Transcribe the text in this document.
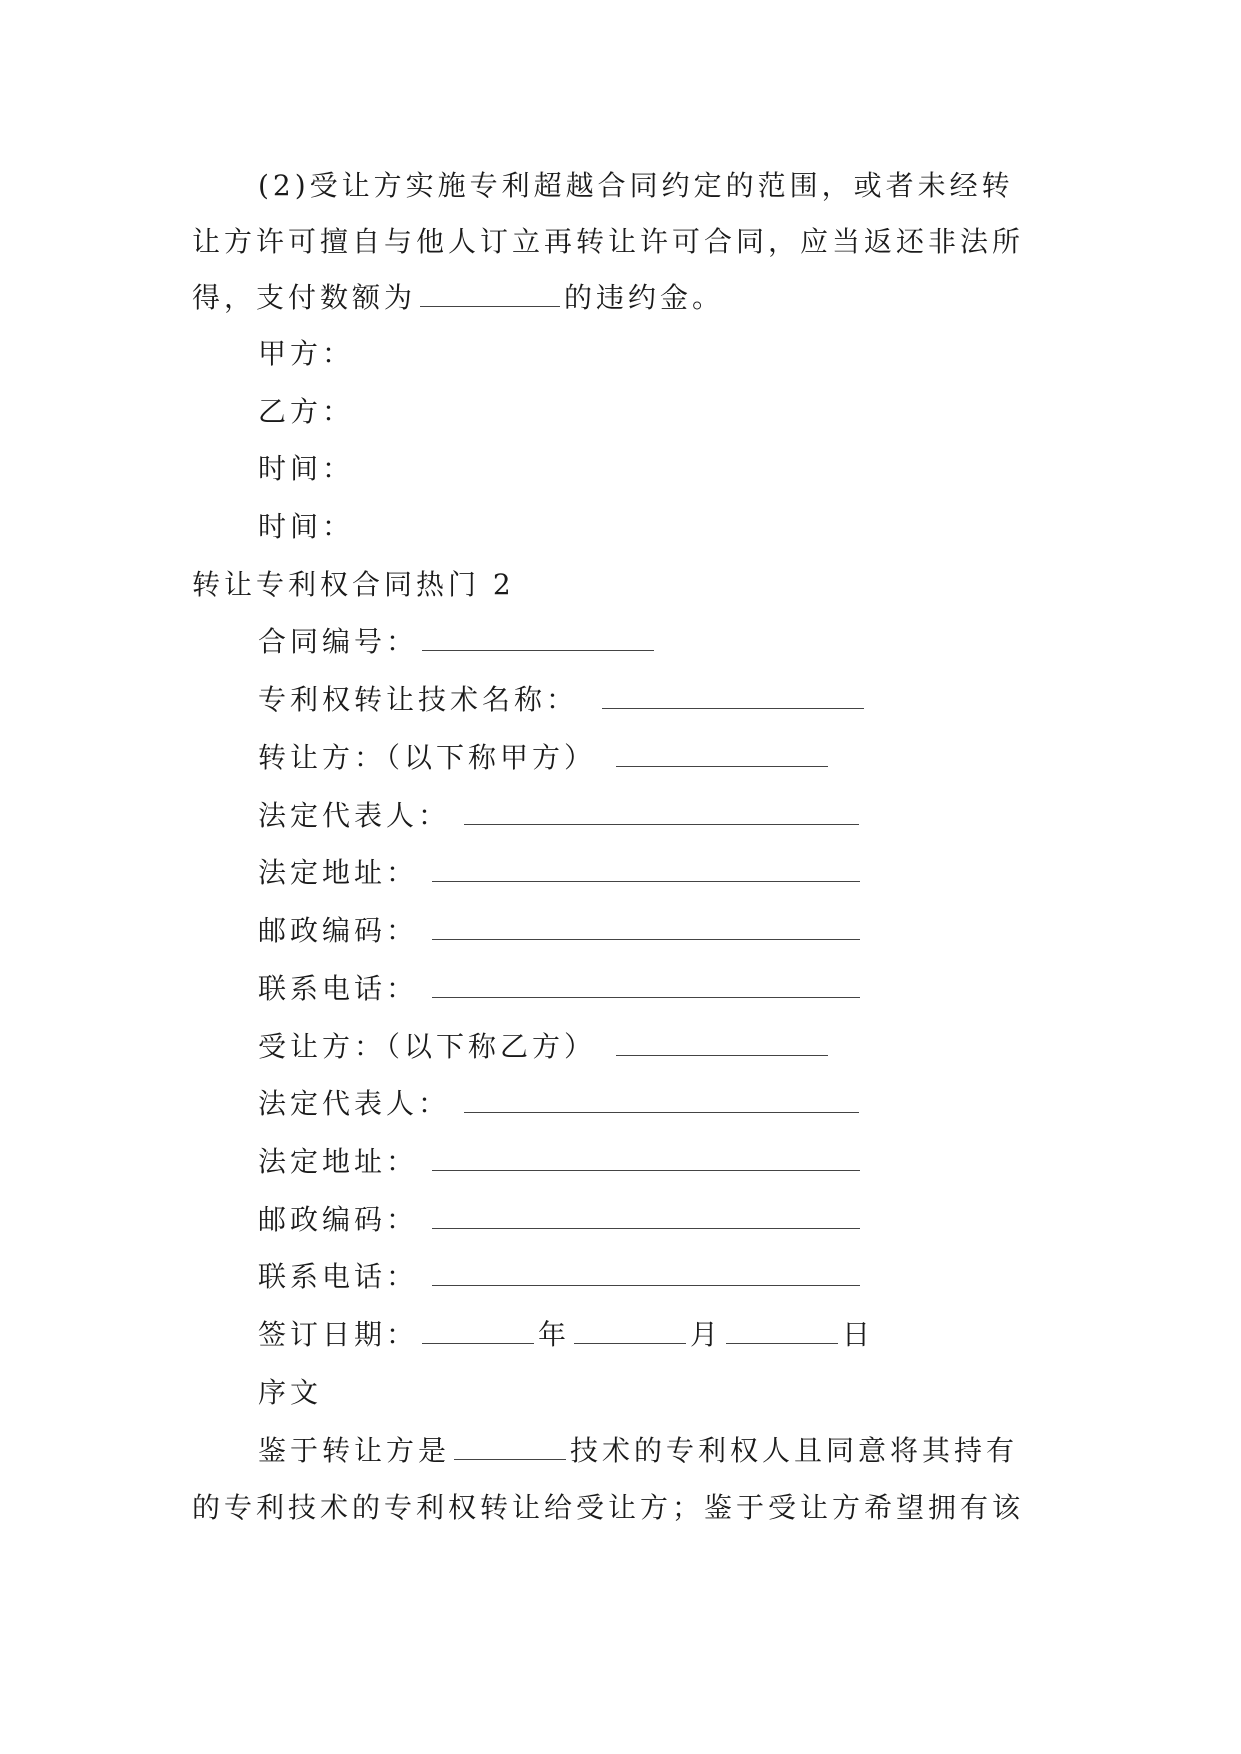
(2)受让方实施专利超越合同约定的范围，或者未经转
让方许可擅自与他人订立再转让许可合同，应当返还非法所
得，支付数额为	的违约金。
甲方：
乙方：
时间：
时间：
转让专利权合同热门 2
合同编号：
专利权转让技术名称：
转让方：（以下称甲方）
法定代表人：
法定地址：
邮政编码：
联系电话：
受让方：（以下称乙方）
法定代表人：
法定地址：
邮政编码：
联系电话：
签订日期：	年	月	日
序文
鉴于转让方是	技术的专利权人且同意将其持有
的专利技术的专利权转让给受让方；鉴于受让方希望拥有该
